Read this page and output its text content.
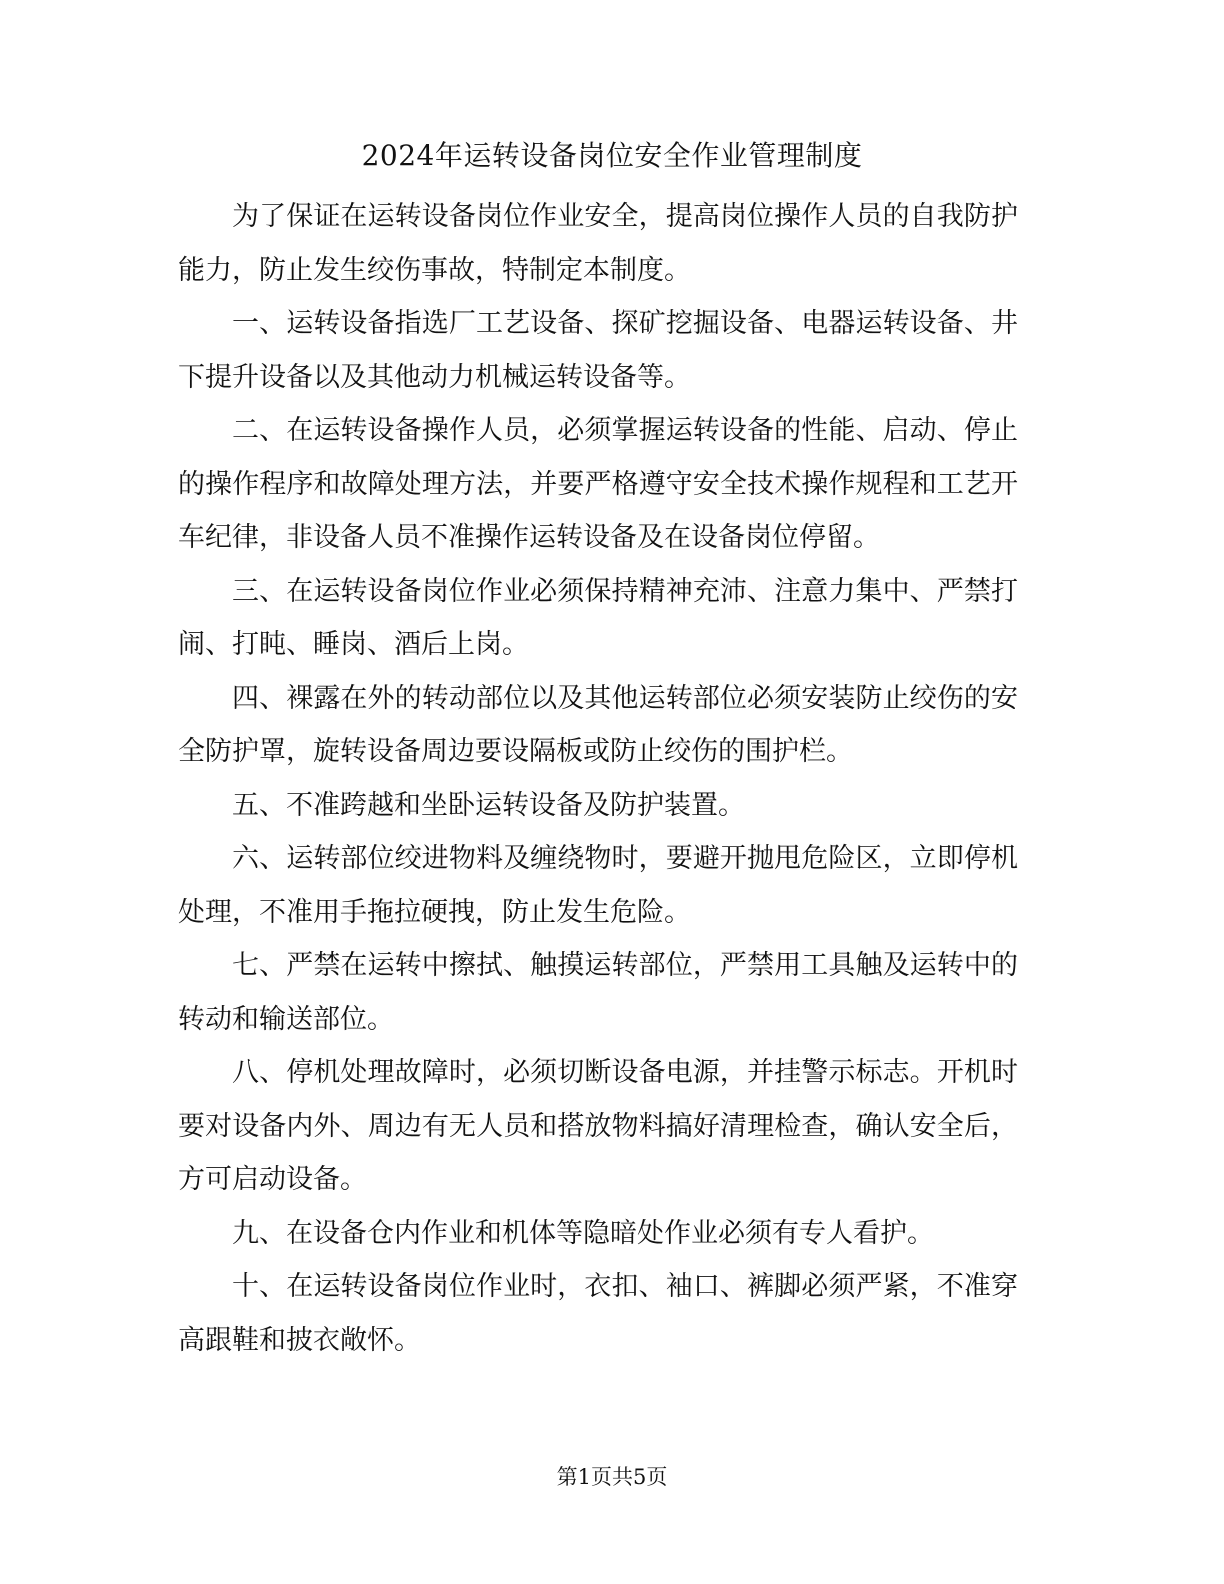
2024年运转设备岗位安全作业管理制度

为了保证在运转设备岗位作业安全，提高岗位操作人员的自我防护能力，防止发生绞伤事故，特制定本制度。

一、运转设备指选厂工艺设备、探矿挖掘设备、电器运转设备、井下提升设备以及其他动力机械运转设备等。

二、在运转设备操作人员，必须掌握运转设备的性能、启动、停止的操作程序和故障处理方法，并要严格遵守安全技术操作规程和工艺开车纪律，非设备人员不准操作运转设备及在设备岗位停留。

三、在运转设备岗位作业必须保持精神充沛、注意力集中、严禁打闹、打盹、睡岗、酒后上岗。

四、裸露在外的转动部位以及其他运转部位必须安装防止绞伤的安全防护罩，旋转设备周边要设隔板或防止绞伤的围护栏。

五、不准跨越和坐卧运转设备及防护装置。

六、运转部位绞进物料及缠绕物时，要避开抛甩危险区，立即停机处理，不准用手拖拉硬拽，防止发生危险。

七、严禁在运转中擦拭、触摸运转部位，严禁用工具触及运转中的转动和输送部位。

八、停机处理故障时，必须切断设备电源，并挂警示标志。开机时要对设备内外、周边有无人员和搭放物料搞好清理检查，确认安全后，方可启动设备。

九、在设备仓内作业和机体等隐暗处作业必须有专人看护。

十、在运转设备岗位作业时，衣扣、袖口、裤脚必须严紧，不准穿高跟鞋和披衣敞怀。

第1页共5页
